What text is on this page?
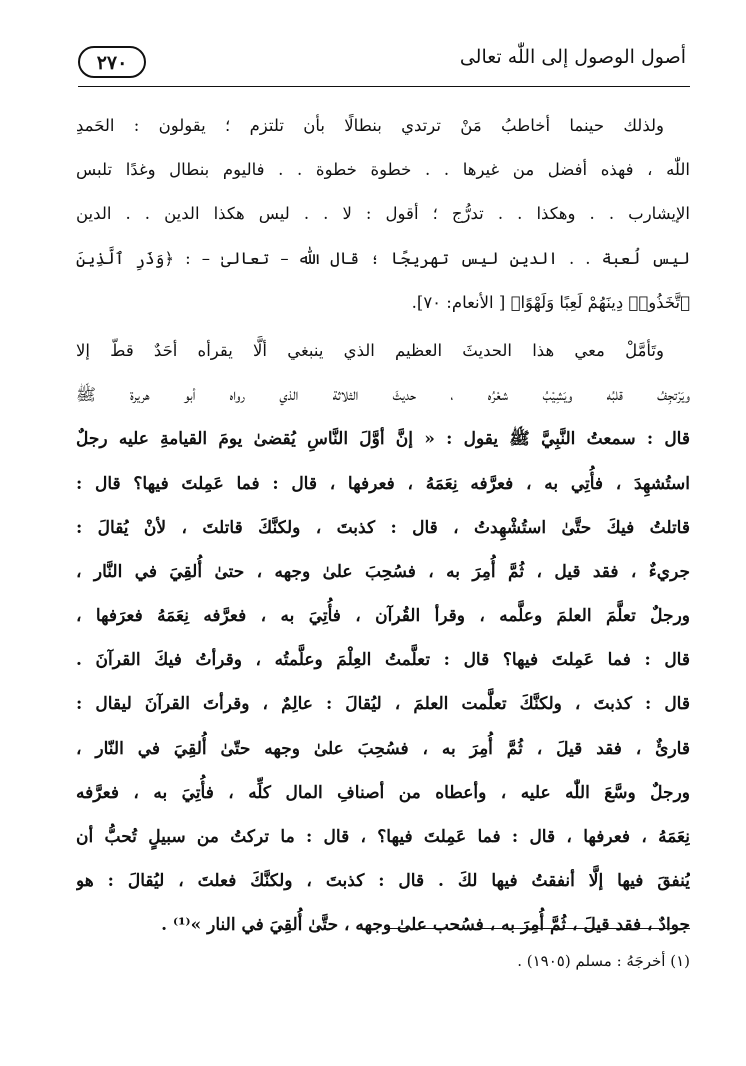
٢٧٠	أصول الوصول إلى اللّٰه تعالى

ولذلك حينما أخاطبُ مَنْ ترتدي بنطالًا بأن تلتزم ؛ يقولون : الحَمدِ
اللّٰه ، فهذه أفضل من غيرها . . خطوة خطوة . . فاليوم بنطال وغدًا تلبس
الإيشارب . . وهكذا . . تدرُّج ؛ أقول : لا . . ليس هكذا الدين . . الدين
ليس لُعبة . . الدين ليس تهريجًا ؛ قال اللّٰه – تعالىٰ – : ﴿وَذَرِ ٱلَّذِينَ
ٱتَّخَذُوا۟ دِينَهُمْ لَعِبًا وَلَهْوًا﴾ [ الأنعام: ٧٠].

وتَأمَّلْ معي هذا الحديثَ العظيم الذي ينبغي ألَّا يقرأه أحَدٌ قطّ إلا
ويَرْتجِفُ قلبُه ويَشِيْبُ شعْرُه ، حديثَ الثلاثة الذي رواه أبو هريرة ﷺ

قال : سمعتُ النَّبِيَّ ﷺ يقول : « إنَّ أوَّلَ النَّاسِ يُقضىٰ يومَ القيامةِ عليه رجلٌ
استُشهِدَ ، فأُتِي به ، فعرَّفه نِعَمَهُ ، فعرفها ، قال : فما عَمِلتَ فيها؟ قال :
قاتلتُ فيكَ حتَّىٰ استُشْهِدتُ ، قال : كذبتَ ، ولكنَّكَ قاتلتَ ، لأنْ يُقالَ :
جريءٌ ، فقد قيل ، ثُمَّ أُمِرَ به ، فسُحِبَ علىٰ وجهه ، حتىٰ أُلقِيَ في النَّار ،
ورجلٌ تعلَّمَ العلمَ وعلَّمه ، وقرأ القُرآن ، فأُتِيَ به ، فعرَّفه نِعَمَهُ فعرَفها ،
قال : فما عَمِلتَ فيها؟ قال : تعلَّمتُ العِلْمَ وعلَّمتُه ، وقرأتُ فيكَ القرآنَ .
قال : كذبتَ ، ولكنَّكَ تعلَّمت العلمَ ، ليُقالَ : عالِمٌ ، وقرأتَ القرآنَ ليقال :
قارئٌ ، فقد قيلَ ، ثُمَّ أُمِرَ به ، فسُحِبَ علىٰ وجهه حتّىٰ أُلقِيَ في النّار ،
ورجلٌ وسَّعَ اللّٰه عليه ، وأعطاه من أصنافِ المال كلِّه ، فأُتِيَ به ، فعرَّفه
نِعَمَهُ ، فعرفها ، قال : فما عَمِلتَ فيها؟ ، قال : ما تركتُ من سبيلٍ تُحبُّ أن
يُنفقَ فيها إلَّا أنفقتُ فيها لكَ . قال : كذبتَ ، ولكنَّكَ فعلتَ ، ليُقالَ : هو
جوادٌ ، فقد قيلَ ، ثُمَّ أُمِرَ به ، فسُحب علىٰ وجهه ، حتَّىٰ أُلقِيَ في النار »⁽¹⁾ .

(١) أخرجَهُ : مسلم (١٩٠٥) .
